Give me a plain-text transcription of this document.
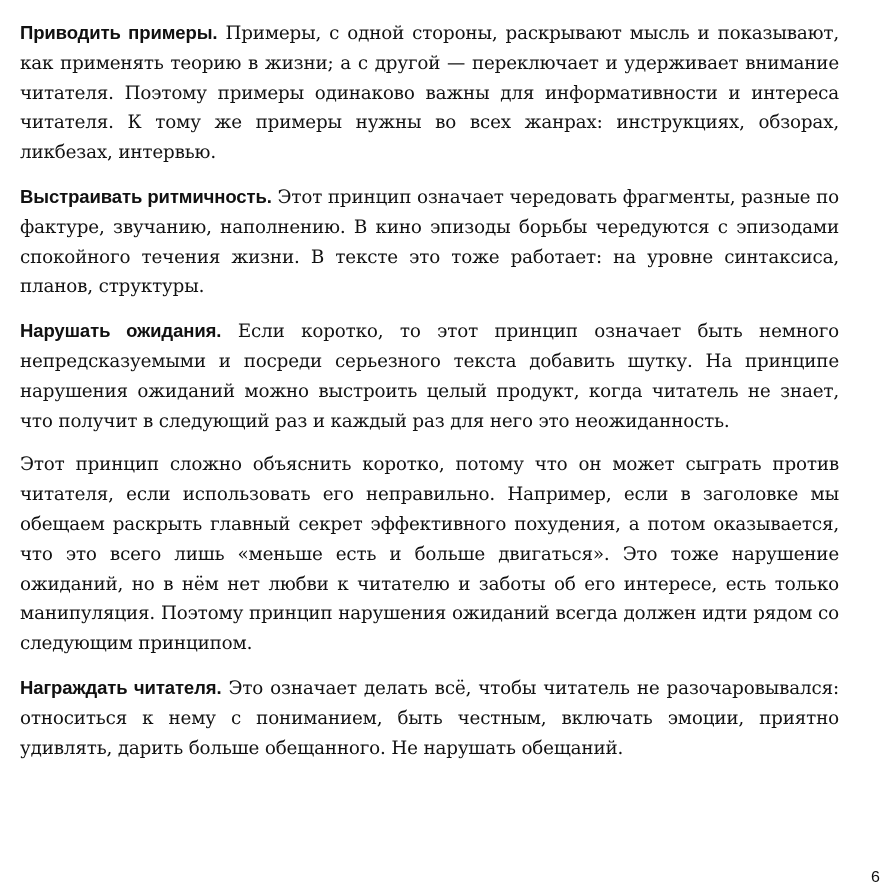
Приводить примеры. Примеры, с одной стороны, раскрывают мысль и показывают, как применять теорию в жизни; а с другой — переключает и удерживает внимание читателя. Поэтому примеры одинаково важны для информативности и интереса читателя. К тому же примеры нужны во всех жанрах: инструкциях, обзорах, ликбезах, интервью.

Выстраивать ритмичность. Этот принцип означает чередовать фрагменты, разные по фактуре, звучанию, наполнению. В кино эпизоды борьбы чередуются с эпизодами спокойного течения жизни. В тексте это тоже работает: на уровне синтаксиса, планов, структуры.

Нарушать ожидания. Если коротко, то этот принцип означает быть немного непредсказуемыми и посреди серьезного текста добавить шутку. На принципе нарушения ожиданий можно выстроить целый продукт, когда читатель не знает, что получит в следующий раз и каждый раз для него это неожиданность.

Этот принцип сложно объяснить коротко, потому что он может сыграть против читателя, если использовать его неправильно. Например, если в заголовке мы обещаем раскрыть главный секрет эффективного похудения, а потом оказывается, что это всего лишь «меньше есть и больше двигаться». Это тоже нарушение ожиданий, но в нём нет любви к читателю и заботы об его интересе, есть только манипуляция. Поэтому принцип нарушения ожиданий всегда должен идти рядом со следующим принципом.

Награждать читателя. Это означает делать всё, чтобы читатель не разочаровывался: относиться к нему с пониманием, быть честным, включать эмоции, приятно удивлять, дарить больше обещанного. Не нарушать обещаний.

6
